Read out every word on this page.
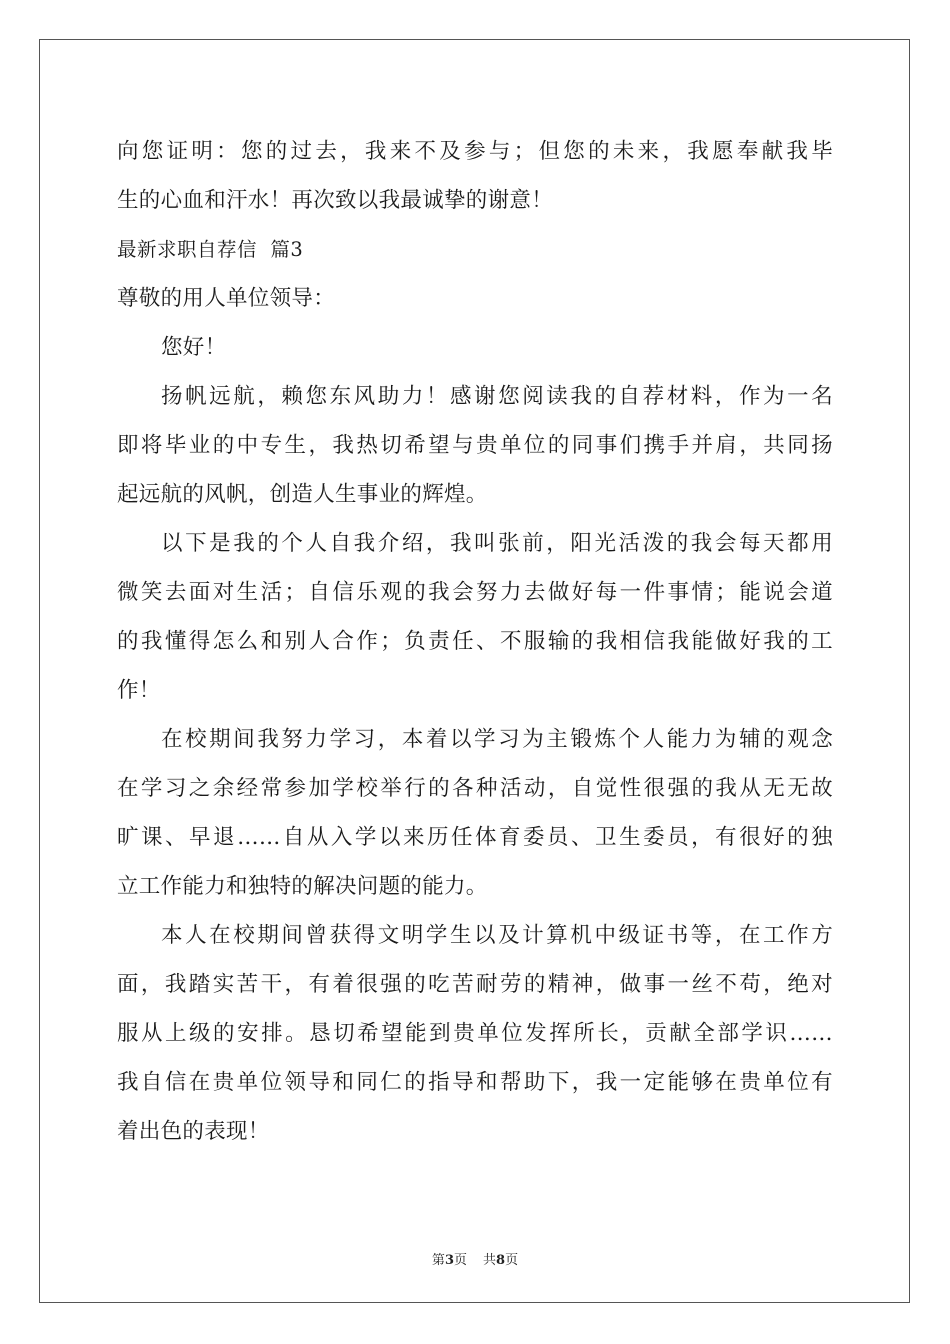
向您证明：您的过去，我来不及参与；但您的未来，我愿奉献我毕
生的心血和汗水！再次致以我最诚挚的谢意！
最新求职自荐信  篇3
尊敬的用人单位领导：
您好！
扬帆远航，赖您东风助力！感谢您阅读我的自荐材料，作为一名
即将毕业的中专生，我热切希望与贵单位的同事们携手并肩，共同扬
起远航的风帆，创造人生事业的辉煌。
以下是我的个人自我介绍，我叫张前，阳光活泼的我会每天都用
微笑去面对生活；自信乐观的我会努力去做好每一件事情；能说会道
的我懂得怎么和别人合作；负责任、不服输的我相信我能做好我的工
作！
在校期间我努力学习，本着以学习为主锻炼个人能力为辅的观念
在学习之余经常参加学校举行的各种活动，自觉性很强的我从无无故
旷课、早退……自从入学以来历任体育委员、卫生委员，有很好的独
立工作能力和独特的解决问题的能力。
本人在校期间曾获得文明学生以及计算机中级证书等，在工作方
面，我踏实苦干，有着很强的吃苦耐劳的精神，做事一丝不苟，绝对
服从上级的安排。恳切希望能到贵单位发挥所长，贡献全部学识……
我自信在贵单位领导和同仁的指导和帮助下，我一定能够在贵单位有
着出色的表现！
第3页 共8页
